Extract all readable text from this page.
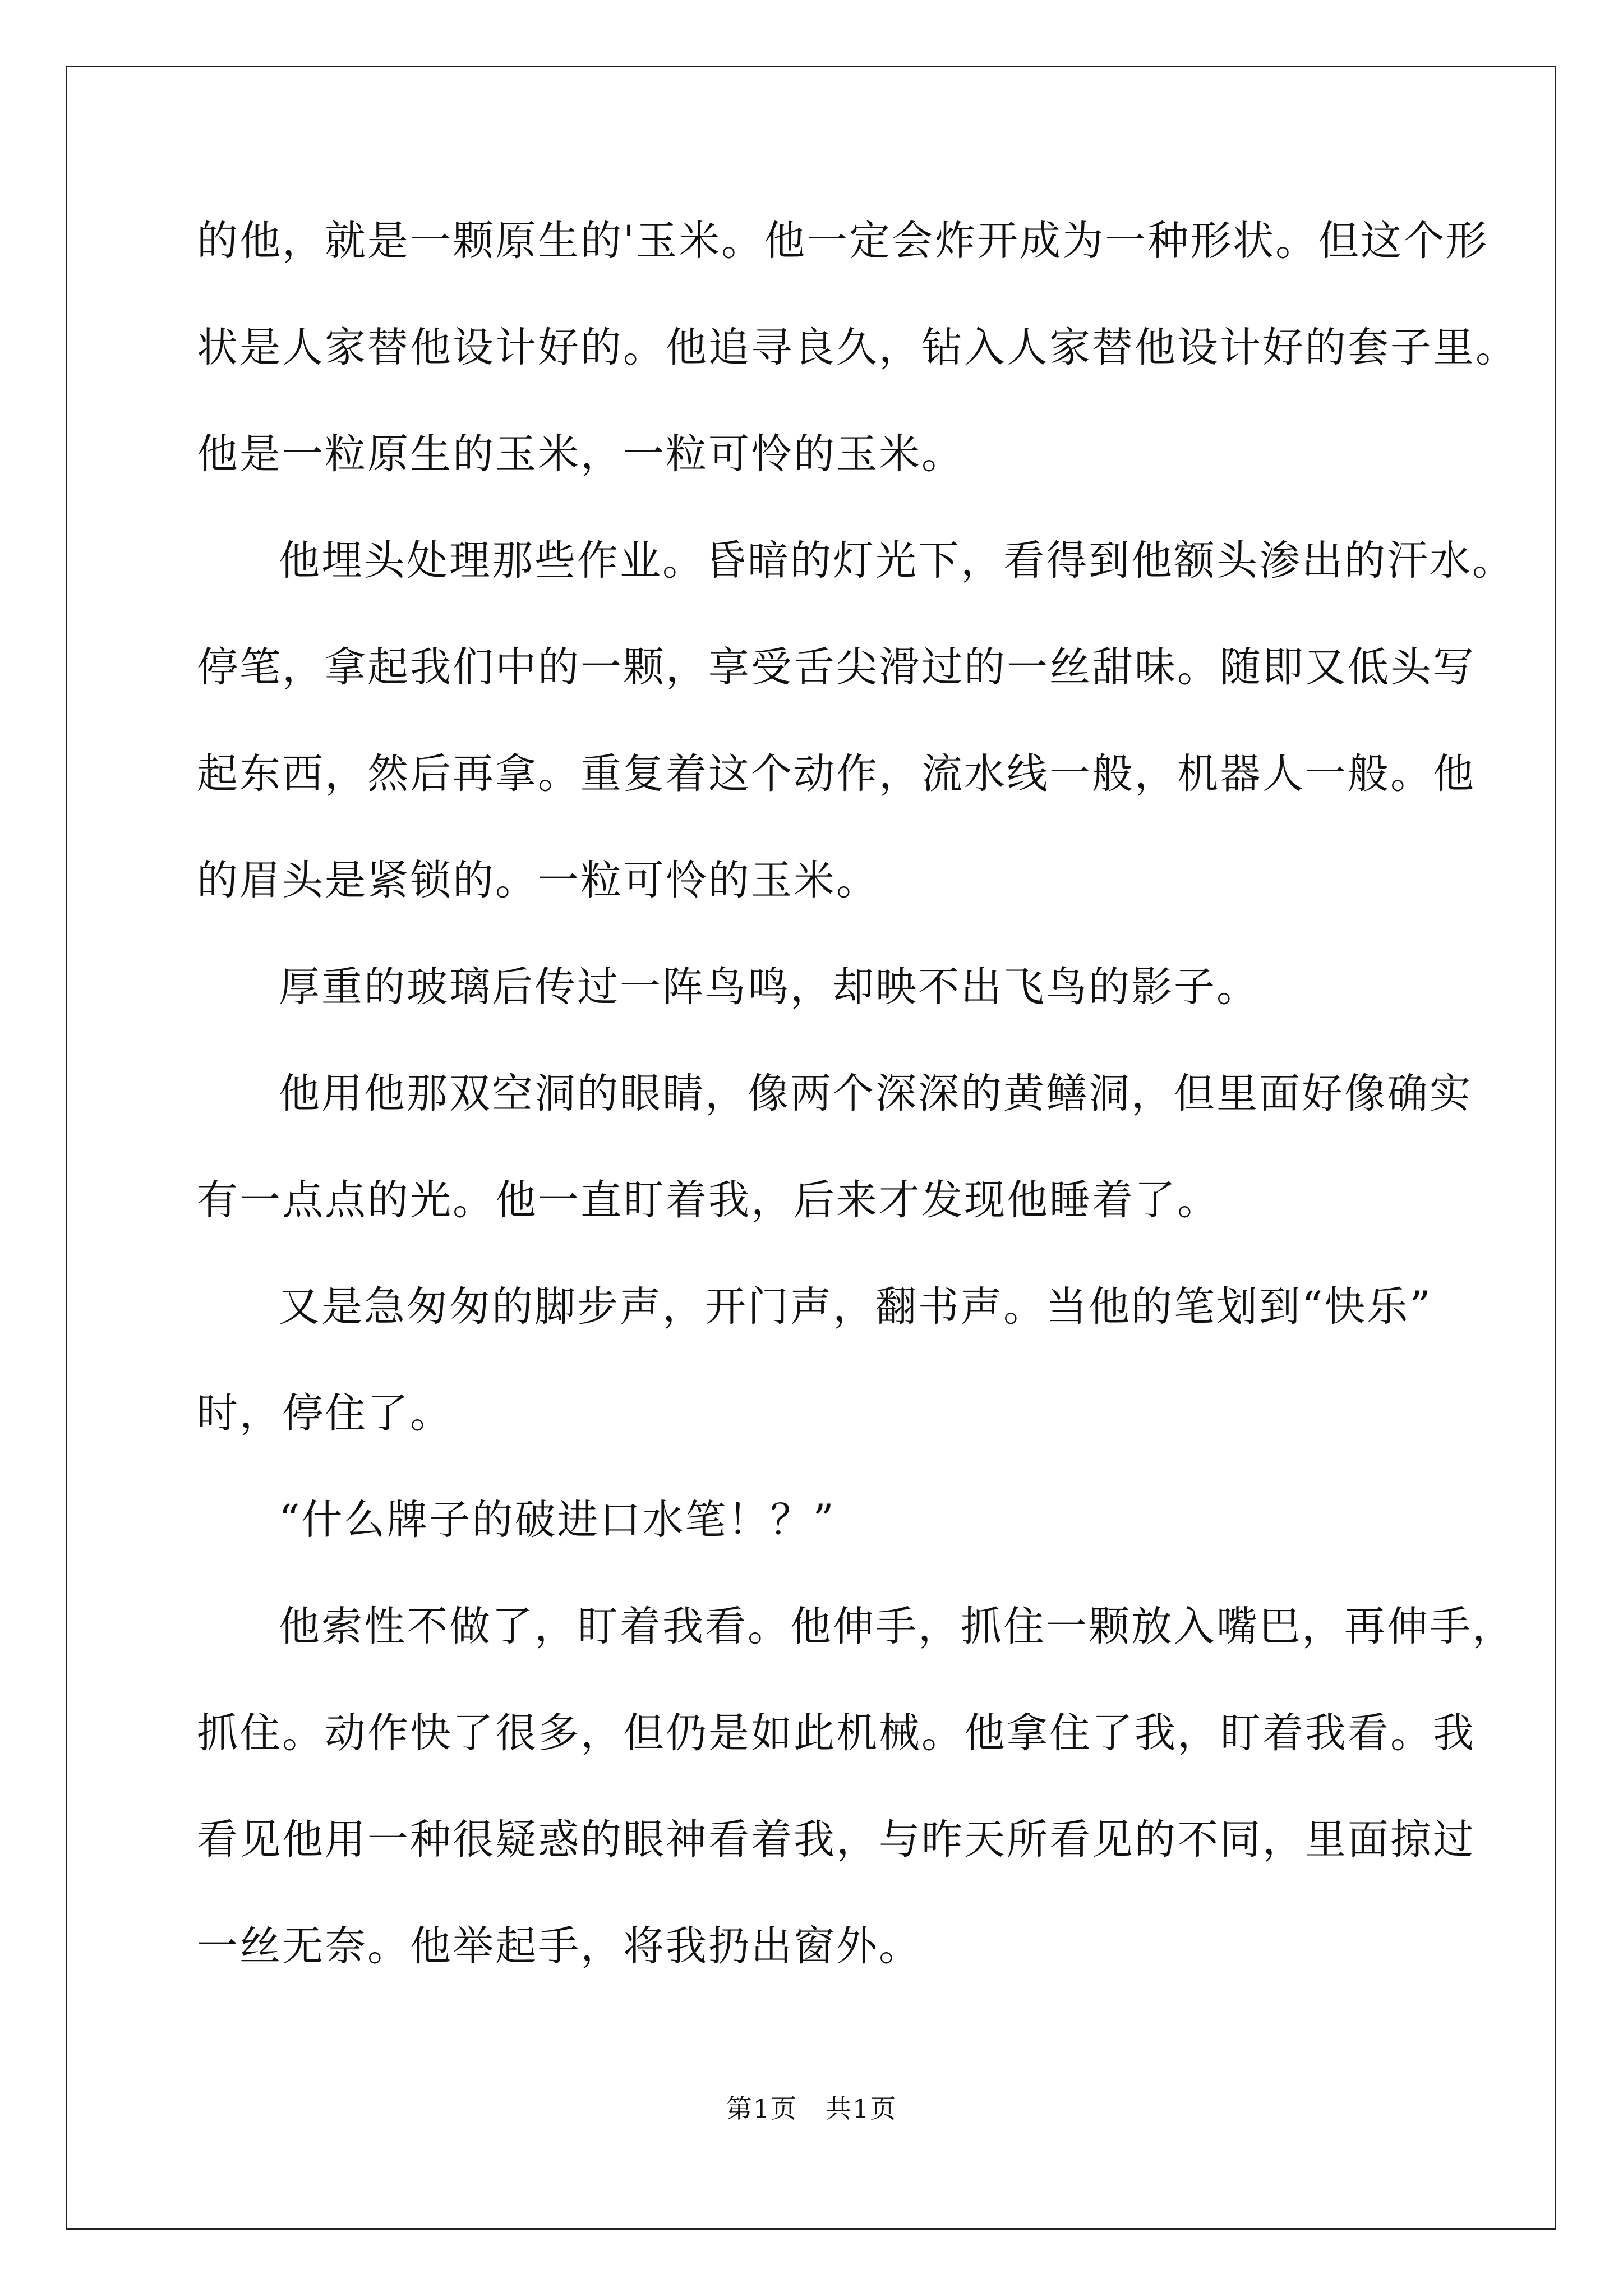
的他，就是一颗原生的'玉米。他一定会炸开成为一种形状。但这个形
状是人家替他设计好的。他追寻良久，钻入人家替他设计好的套子里。
他是一粒原生的玉米，一粒可怜的玉米。
他埋头处理那些作业。昏暗的灯光下，看得到他额头渗出的汗水。
停笔，拿起我们中的一颗，享受舌尖滑过的一丝甜味。随即又低头写
起东西，然后再拿。重复着这个动作，流水线一般，机器人一般。他
的眉头是紧锁的。一粒可怜的玉米。
厚重的玻璃后传过一阵鸟鸣，却映不出飞鸟的影子。
他用他那双空洞的眼睛，像两个深深的黄鳝洞，但里面好像确实
有一点点的光。他一直盯着我，后来才发现他睡着了。
又是急匆匆的脚步声，开门声，翻书声。当他的笔划到“快乐”
时，停住了。
“什么牌子的破进口水笔！？”
他索性不做了，盯着我看。他伸手，抓住一颗放入嘴巴，再伸手，
抓住。动作快了很多，但仍是如此机械。他拿住了我，盯着我看。我
看见他用一种很疑惑的眼神看着我，与昨天所看见的不同，里面掠过
一丝无奈。他举起手，将我扔出窗外。
第1页 共1页
